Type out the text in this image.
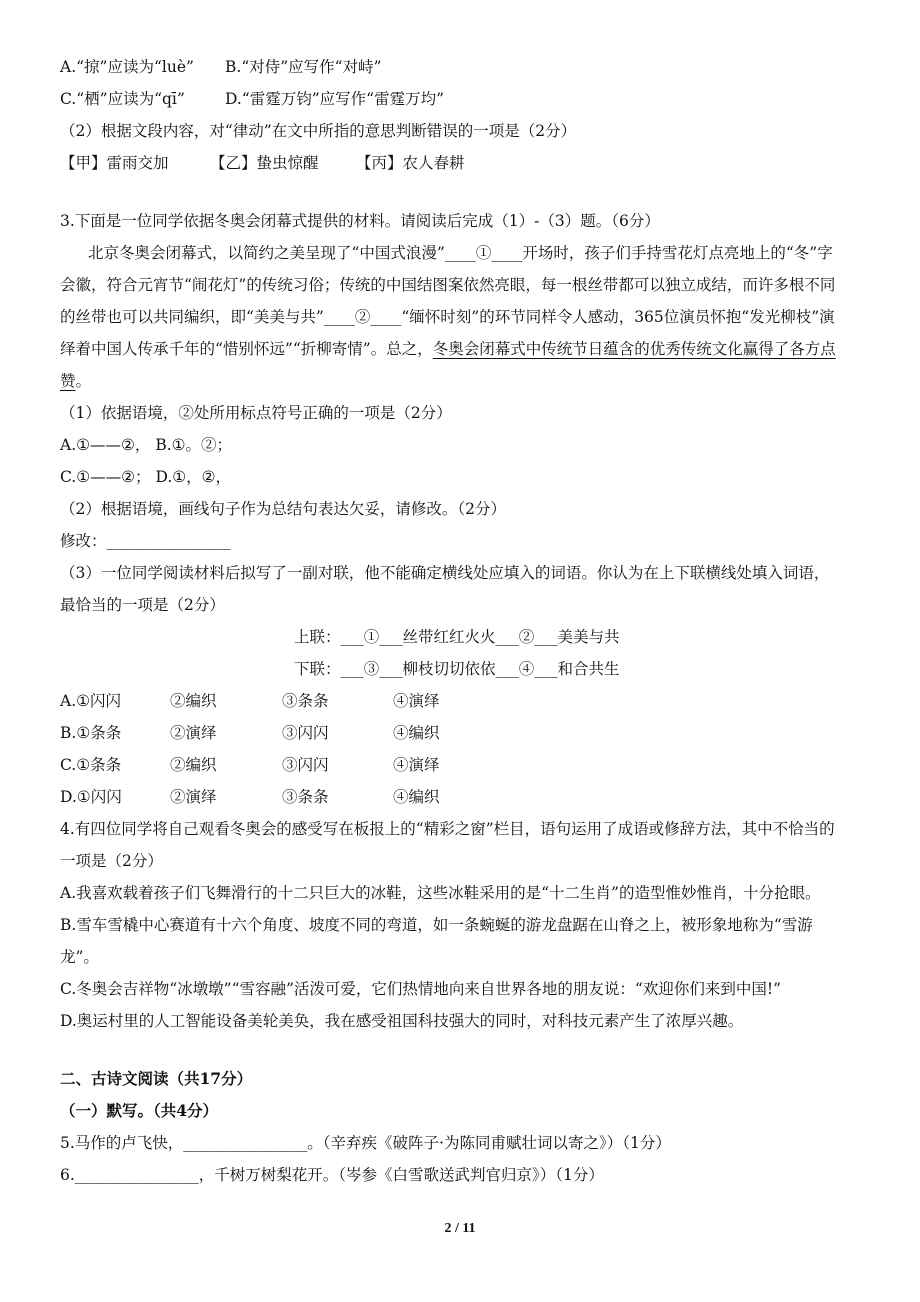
A.“掠”应读为“luè” B.“对侍”应写作“对峙”
C.“栖”应读为“qī”	D.“雷霆万钧”应写作“雷霆万均”
（2）根据文段内容，对“律动”在文中所指的意思判断错误的一项是（2分）
【甲】雷雨交加	【乙】蛰虫惊醒 【丙】农人春耕
3.下面是一位同学依据冬奥会闭幕式提供的材料。请阅读后完成（1）-（3）题。（6分）
北京冬奥会闭幕式，以简约之美呈现了“中国式浪漫”____①____开场时，孩子们手持雪花灯点亮地上的“冬”字
会徽，符合元宵节“闹花灯”的传统习俗；传统的中国结图案依然亮眼，每一根丝带都可以独立成结，而许多根不同
的丝带也可以共同编织，即“美美与共”____②____“缅怀时刻”的环节同样令人感动，365位演员怀抱“发光柳枝”演
绎着中国人传承千年的“惜别怀远”“折柳寄情”。总之，冬奥会闭幕式中传统节日蕴含的优秀传统文化赢得了各方点
赞。
（1）依据语境，②处所用标点符号正确的一项是（2分）
A.①——②， B.①。②；
C.①——②； D.①，②，
（2）根据语境，画线句子作为总结句表达欠妥，请修改。（2分）
修改：________________
（3）一位同学阅读材料后拟写了一副对联，他不能确定横线处应填入的词语。你认为在上下联横线处填入词语，
最恰当的一项是（2分）
上联：___①___丝带红红火火___②___美美与共
下联：___③___柳枝切切依依___④___和合共生
A.①闪闪	②编织	③条条	④演绎
B.①条条	②演绎	③闪闪	④编织
C.①条条	②编织	③闪闪	④演绎
D.①闪闪	②演绎	③条条	④编织
4.有四位同学将自己观看冬奥会的感受写在板报上的“精彩之窗”栏目，语句运用了成语或修辞方法，其中不恰当的
一项是（2分）
A.我喜欢载着孩子们飞舞滑行的十二只巨大的冰鞋，这些冰鞋采用的是“十二生肖”的造型惟妙惟肖，十分抢眼。
B.雪车雪橇中心赛道有十六个角度、坡度不同的弯道，如一条蜿蜒的游龙盘踞在山脊之上，被形象地称为“雪游
龙”。
C.冬奥会吉祥物“冰墩墩”“雪容融”活泼可爱，它们热情地向来自世界各地的朋友说：“欢迎你们来到中国!”
D.奥运村里的人工智能设备美轮美奂，我在感受祖国科技强大的同时，对科技元素产生了浓厚兴趣。
二、古诗文阅读（共17分）
（一）默写。（共4分）
5.马作的卢飞快，________________。（辛弃疾《破阵子·为陈同甫赋壮词以寄之》）（1分）
6.________________，千树万树梨花开。（岑参《白雪歌送武判官归京》）（1分）
2 / 11
